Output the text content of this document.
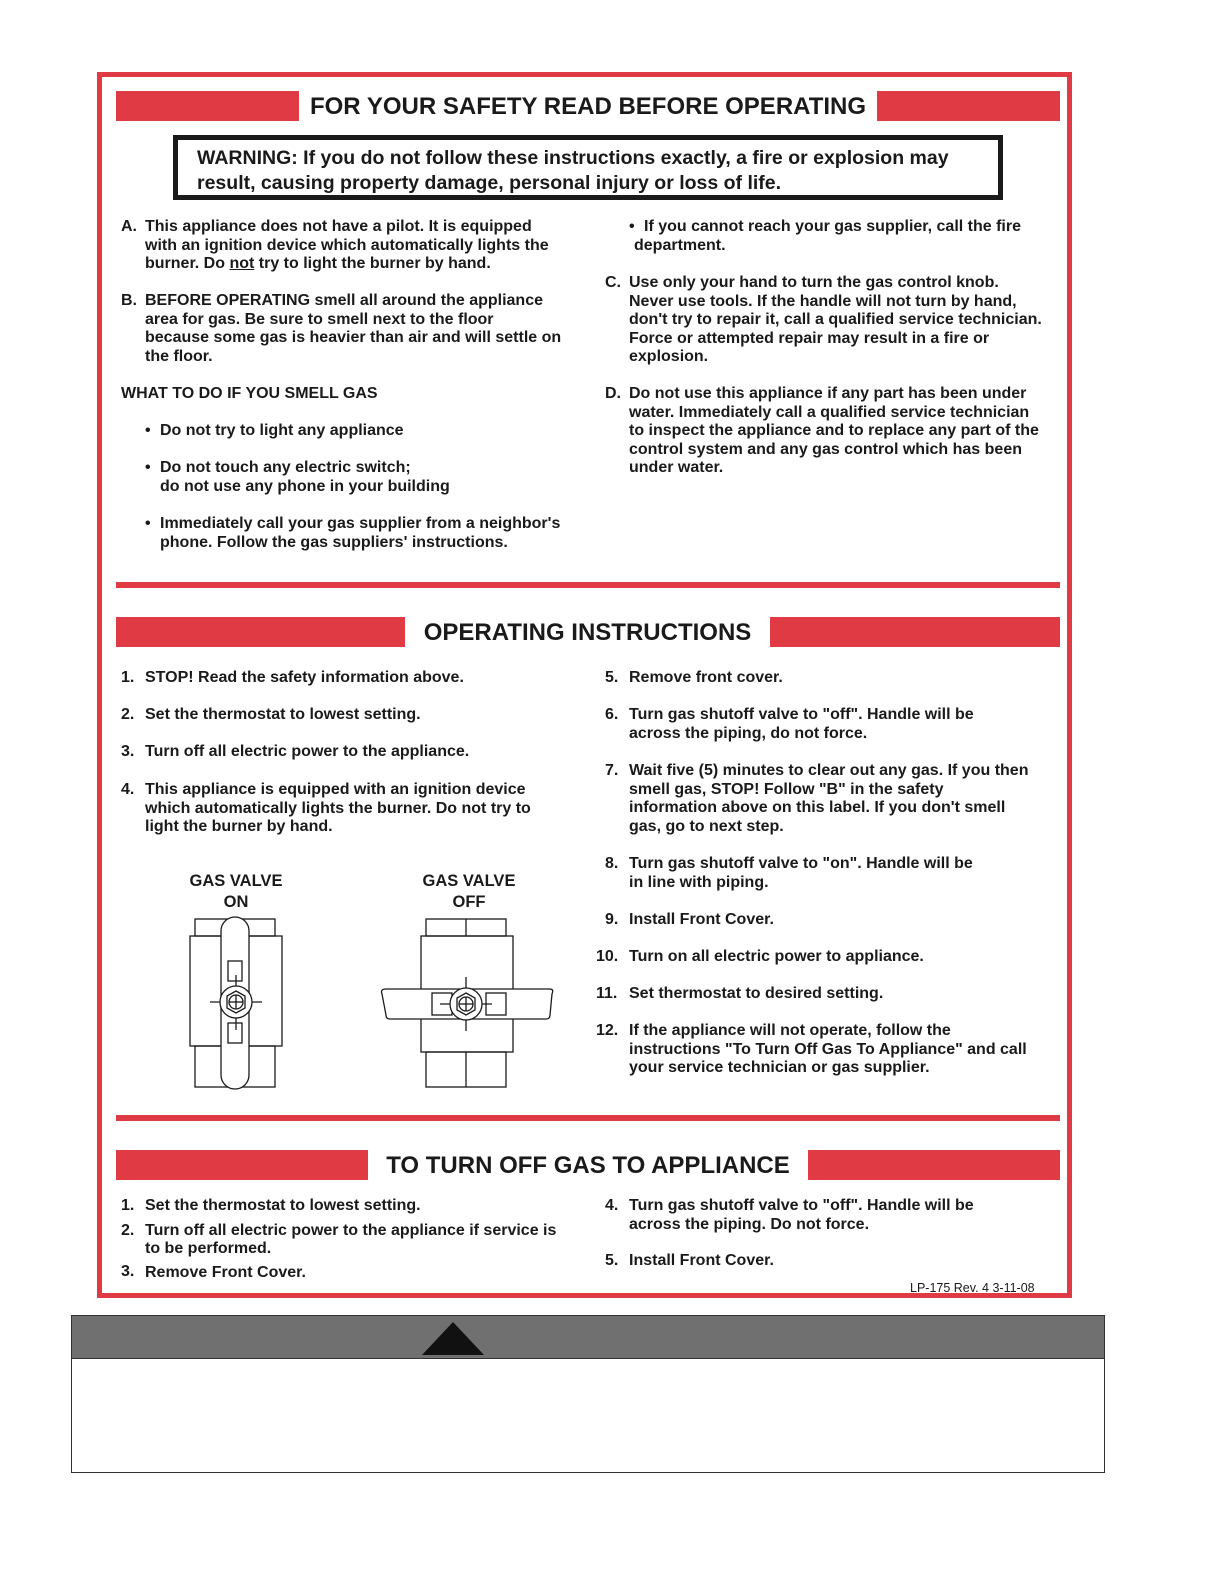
FOR YOUR SAFETY READ BEFORE OPERATING
WARNING: If you do not follow these instructions exactly, a fire or explosion may
result, causing property damage, personal injury or loss of life.
A. This appliance does not have a pilot. It is equipped
with an ignition device which automatically lights the
burner. Do not try to light the burner by hand.
B. BEFORE OPERATING smell all around the appliance
area for gas. Be sure to smell next to the floor
because some gas is heavier than air and will settle on
the floor.
WHAT TO DO IF YOU SMELL GAS
• Do not try to light any appliance
• Do not touch any electric switch;
do not use any phone in your building
• Immediately call your gas supplier from a neighbor's
phone. Follow the gas suppliers' instructions.
• If you cannot reach your gas supplier, call the fire
department.
C. Use only your hand to turn the gas control knob.
Never use tools. If the handle will not turn by hand,
don't try to repair it, call a qualified service technician.
Force or attempted repair may result in a fire or
explosion.
D. Do not use this appliance if any part has been under
water. Immediately call a qualified service technician
to inspect the appliance and to replace any part of the
control system and any gas control which has been
under water.
OPERATING INSTRUCTIONS
1. STOP! Read the safety information above.
2. Set the thermostat to lowest setting.
3. Turn off all electric power to the appliance.
4. This appliance is equipped with an ignition device
which automatically lights the burner. Do not try to
light the burner by hand.
GAS VALVE
ON
GAS VALVE
OFF
5. Remove front cover.
6. Turn gas shutoff valve to "off". Handle will be
across the piping, do not force.
7. Wait five (5) minutes to clear out any gas. If you then
smell gas, STOP! Follow "B" in the safety
information above on this label. If you don't smell
gas, go to next step.
8. Turn gas shutoff valve to "on". Handle will be
in line with piping.
9. Install Front Cover.
10. Turn on all electric power to appliance.
11. Set thermostat to desired setting.
12. If the appliance will not operate, follow the
instructions "To Turn Off Gas To Appliance" and call
your service technician or gas supplier.
TO TURN OFF GAS TO APPLIANCE
1. Set the thermostat to lowest setting.
2. Turn off all electric power to the appliance if service is
to be performed.
3. Remove Front Cover.
4. Turn gas shutoff valve to "off". Handle will be
across the piping. Do not force.
5. Install Front Cover.
LP-175 Rev. 4 3-11-08
